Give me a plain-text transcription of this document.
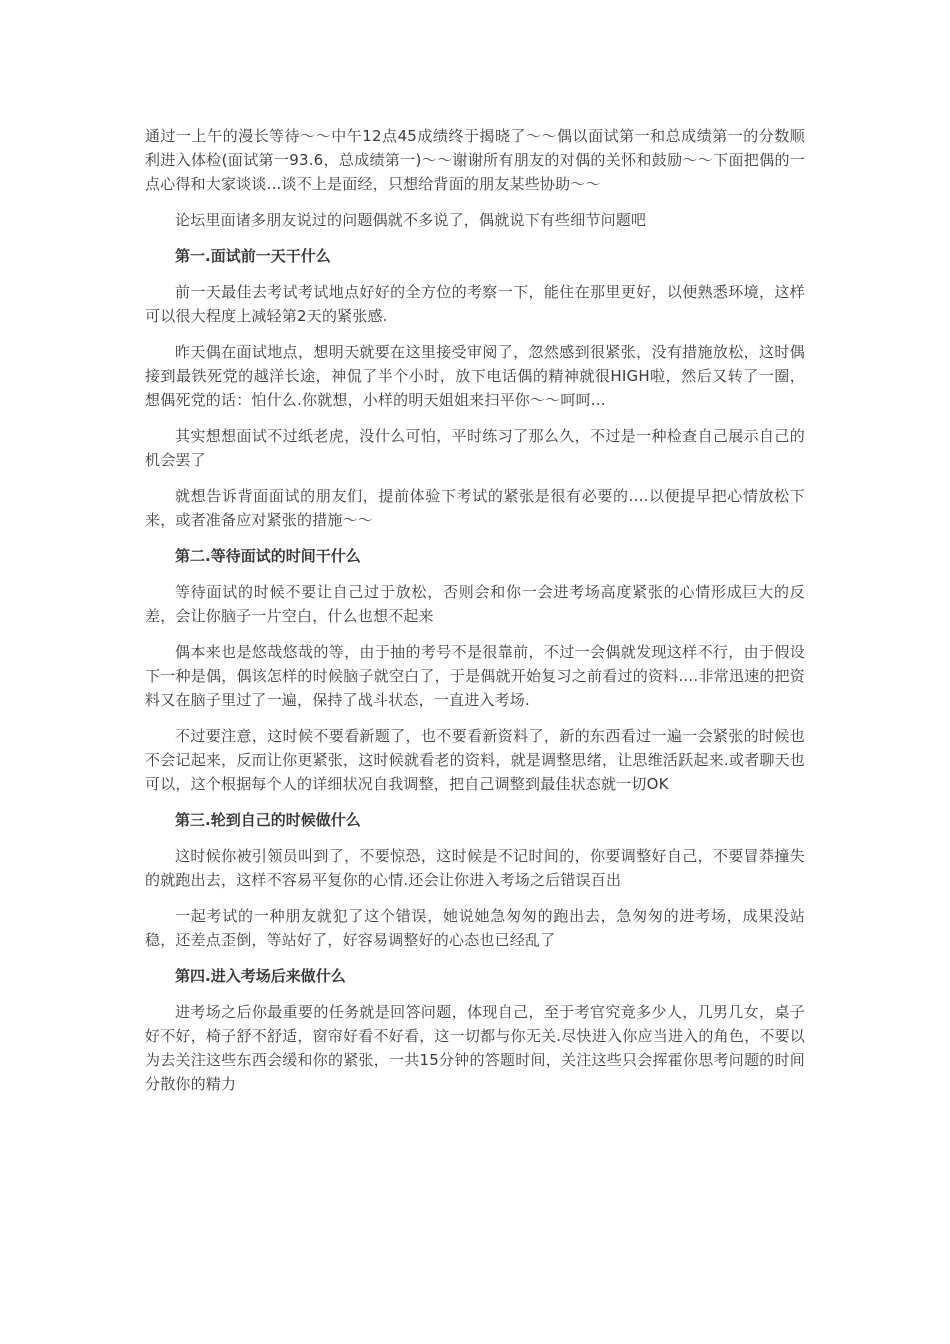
通过一上午的漫长等待～～中午12点45成绩终于揭晓了～～偶以面试第一和总成绩第一的分数顺利进入体检(面试第一93.6，总成绩第一)～～谢谢所有朋友的对偶的关怀和鼓励～～下面把偶的一点心得和大家谈谈...谈不上是面经，只想给背面的朋友某些协助～～

论坛里面诸多朋友说过的问题偶就不多说了，偶就说下有些细节问题吧

第一.面试前一天干什么

前一天最佳去考试考试地点好好的全方位的考察一下，能住在那里更好，以便熟悉环境，这样可以很大程度上减轻第2天的紧张感.

昨天偶在面试地点，想明天就要在这里接受审阅了，忽然感到很紧张，没有措施放松，这时偶接到最铁死党的越洋长途，神侃了半个小时，放下电话偶的精神就很HIGH啦，然后又转了一圈，想偶死党的话：怕什么.你就想，小样的明天姐姐来扫平你～～呵呵...

其实想想面试不过纸老虎，没什么可怕，平时练习了那么久，不过是一种检查自己展示自己的机会罢了

就想告诉背面面试的朋友们，提前体验下考试的紧张是很有必要的....以便提早把心情放松下来，或者准备应对紧张的措施～～

第二.等待面试的时间干什么

等待面试的时候不要让自己过于放松，否则会和你一会进考场高度紧张的心情形成巨大的反差，会让你脑子一片空白，什么也想不起来

偶本来也是悠哉悠哉的等，由于抽的考号不是很靠前，不过一会偶就发现这样不行，由于假设下一种是偶，偶该怎样的时候脑子就空白了，于是偶就开始复习之前看过的资料....非常迅速的把资料又在脑子里过了一遍，保持了战斗状态，一直进入考场.

不过要注意，这时候不要看新题了，也不要看新资料了，新的东西看过一遍一会紧张的时候也不会记起来，反而让你更紧张，这时候就看老的资料，就是调整思绪，让思维活跃起来.或者聊天也可以，这个根据每个人的详细状况自我调整，把自己调整到最佳状态就一切OK

第三.轮到自己的时候做什么

这时候你被引领员叫到了，不要惊恐，这时候是不记时间的，你要调整好自己，不要冒莽撞失的就跑出去，这样不容易平复你的心情.还会让你进入考场之后错误百出

一起考试的一种朋友就犯了这个错误，她说她急匆匆的跑出去，急匆匆的进考场，成果没站稳，还差点歪倒，等站好了，好容易调整好的心态也已经乱了

第四.进入考场后来做什么

进考场之后你最重要的任务就是回答问题，体现自己，至于考官究竟多少人，几男几女，桌子好不好，椅子舒不舒适，窗帘好看不好看，这一切都与你无关.尽快进入你应当进入的角色，不要以为去关注这些东西会缓和你的紧张，一共15分钟的答题时间，关注这些只会挥霍你思考问题的时间分散你的精力
